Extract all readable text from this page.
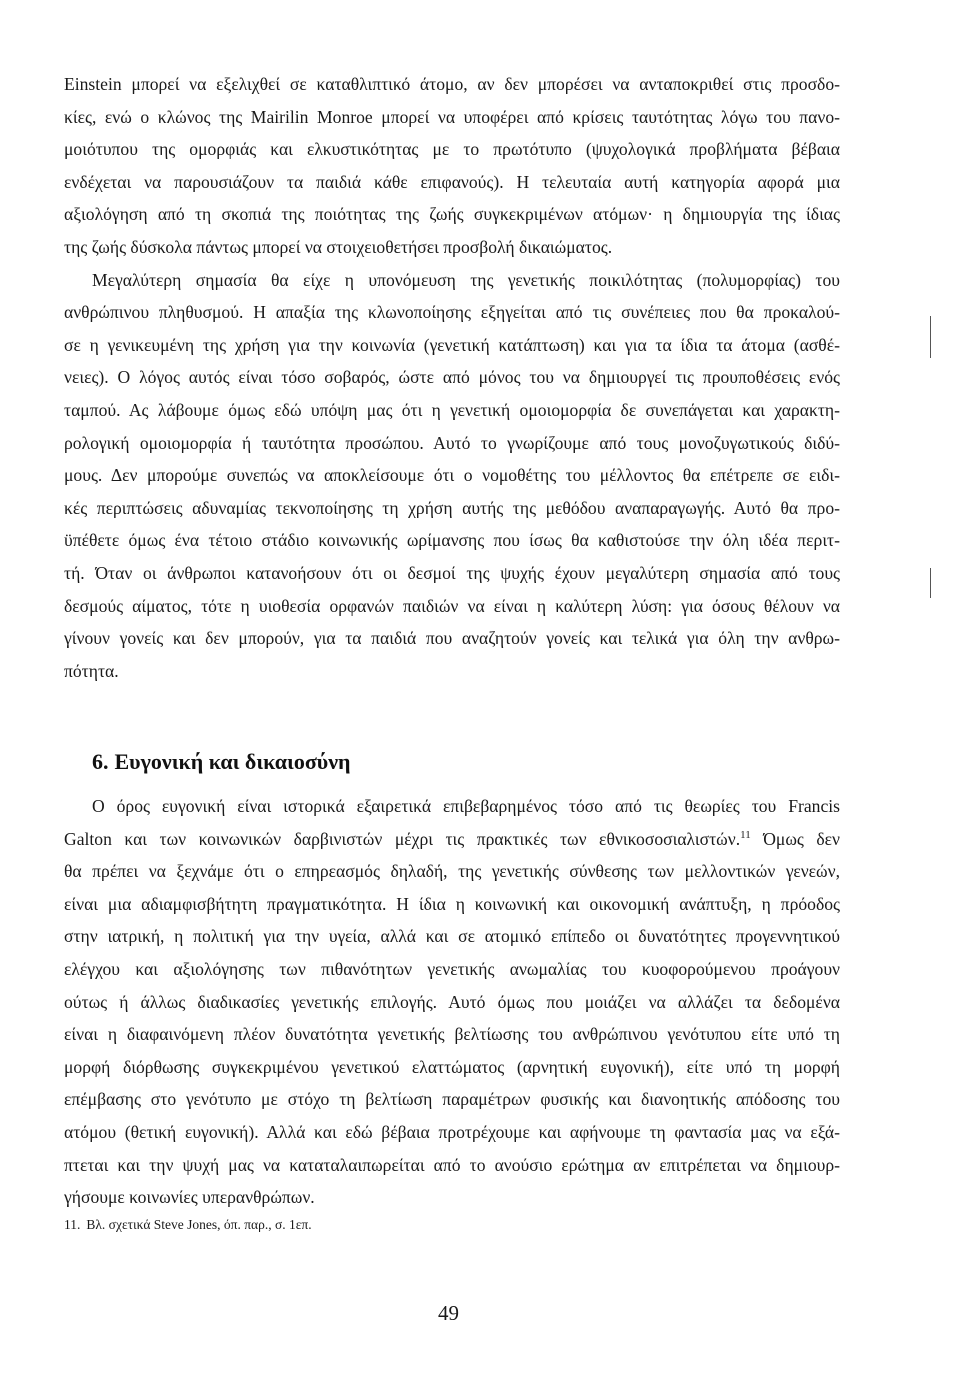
Einstein μπορεί να εξελιχθεί σε καταθλιπτικό άτομο, αν δεν μπορέσει να ανταποκριθεί στις προσδο-
κίες, ενώ ο κλώνος της Mairilin Monroe μπορεί να υποφέρει από κρίσεις ταυτότητας λόγω του πανο-
μοιότυπου της ομορφιάς και ελκυστικότητας με το πρωτότυπο (ψυχολογικά προβλήματα βέβαια
ενδέχεται να παρουσιάζουν τα παιδιά κάθε επιφανούς). Η τελευταία αυτή κατηγορία αφορά μια
αξιολόγηση από τη σκοπιά της ποιότητας της ζωής συγκεκριμένων ατόμων· η δημιουργία της ίδιας
της ζωής δύσκολα πάντως μπορεί να στοιχειοθετήσει προσβολή δικαιώματος.
Μεγαλύτερη σημασία θα είχε η υπονόμευση της γενετικής ποικιλότητας (πολυμορφίας) του
ανθρώπινου πληθυσμού. Η απαξία της κλωνοποίησης εξηγείται από τις συνέπειες που θα προκαλού-
σε η γενικευμένη της χρήση για την κοινωνία (γενετική κατάπτωση) και για τα ίδια τα άτομα (ασθέ-
νειες). Ο λόγος αυτός είναι τόσο σοβαρός, ώστε από μόνος του να δημιουργεί τις προυποθέσεις ενός
ταμπού. Ας λάβουμε όμως εδώ υπόψη μας ότι η γενετική ομοιομορφία δε συνεπάγεται και χαρακτη-
ρολογική ομοιομορφία ή ταυτότητα προσώπου. Αυτό το γνωρίζουμε από τους μονοζυγωτικούς διδύ-
μους. Δεν μπορούμε συνεπώς να αποκλείσουμε ότι ο νομοθέτης του μέλλοντος θα επέτρεπε σε ειδι-
κές περιπτώσεις αδυναμίας τεκνοποίησης τη χρήση αυτής της μεθόδου αναπαραγωγής. Αυτό θα προ-
ϋπέθετε όμως ένα τέτοιο στάδιο κοινωνικής ωρίμανσης που ίσως θα καθιστούσε την όλη ιδέα περιτ-
τή. Όταν οι άνθρωποι κατανοήσουν ότι οι δεσμοί της ψυχής έχουν μεγαλύτερη σημασία από τους
δεσμούς αίματος, τότε η υιοθεσία ορφανών παιδιών να είναι η καλύτερη λύση: για όσους θέλουν να
γίνουν γονείς και δεν μπορούν, για τα παιδιά που αναζητούν γονείς και τελικά για όλη την ανθρω-
πότητα.
6. Ευγονική και δικαιοσύνη
Ο όρος ευγονική είναι ιστορικά εξαιρετικά επιβεβαρημένος τόσο από τις θεωρίες του Francis
Galton και των κοινωνικών δαρβινιστών μέχρι τις πρακτικές των εθνικοσοσιαλιστών.$^{11}$ Όμως δεν
θα πρέπει να ξεχνάμε ότι ο επηρεασμός δηλαδή, της γενετικής σύνθεσης των μελλοντικών γενεών,
είναι μια αδιαμφισβήτητη πραγματικότητα. Η ίδια η κοινωνική και οικονομική ανάπτυξη, η πρόοδος
στην ιατρική, η πολιτική για την υγεία, αλλά και σε ατομικό επίπεδο οι δυνατότητες προγεννητικού
ελέγχου και αξιολόγησης των πιθανότητων γενετικής ανωμαλίας του κυοφορούμενου προάγουν
ούτως ή άλλως διαδικασίες γενετικής επιλογής. Αυτό όμως που μοιάζει να αλλάζει τα δεδομένα
είναι η διαφαινόμενη πλέον δυνατότητα γενετικής βελτίωσης του ανθρώπινου γενότυπου είτε υπό τη
μορφή διόρθωσης συγκεκριμένου γενετικού ελαττώματος (αρνητική ευγονική), είτε υπό τη μορφή
επέμβασης στο γενότυπο με στόχο τη βελτίωση παραμέτρων φυσικής και διανοητικής απόδοσης του
ατόμου (θετική ευγονική). Αλλά και εδώ βέβαια προτρέχουμε και αφήνουμε τη φαντασία μας να εξά-
πτεται και την ψυχή μας να καταταλαιπωρείται από το ανούσιο ερώτημα αν επιτρέπεται να δημιουρ-
γήσουμε κοινωνίες υπερανθρώπων.
11. Βλ. σχετικά Steve Jones, όπ. παρ., σ. 1επ.
49
